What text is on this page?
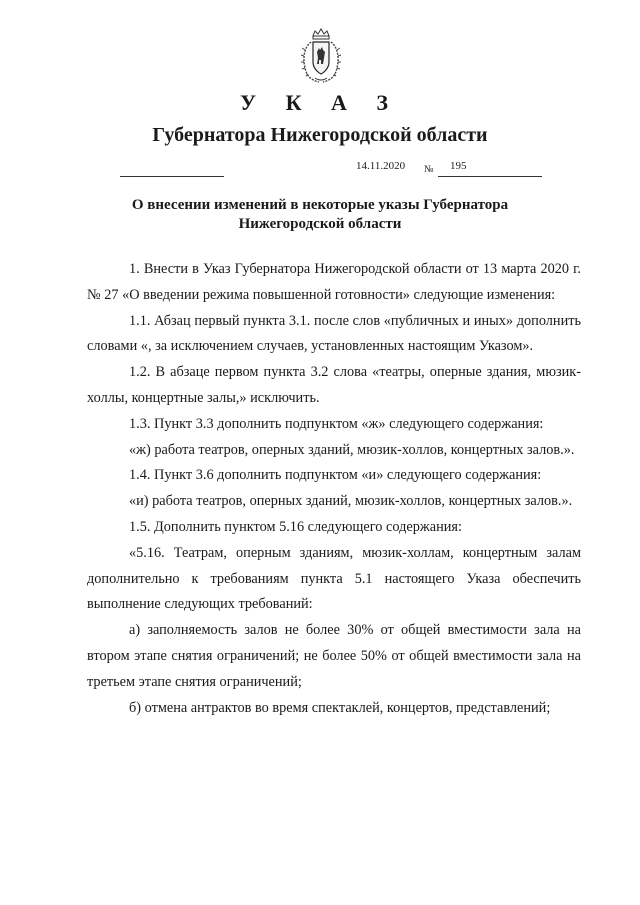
У К А З
Губернатора Нижегородской области
14.11.2020 № 195
О внесении изменений в некоторые указы Губернатора
Нижегородской области

1. Внести в Указ Губернатора Нижегородской области от 13 марта 2020 г. № 27 «О введении режима повышенной готовности» следующие изменения:

1.1. Абзац первый пункта 3.1. после слов «публичных и иных» дополнить словами «, за исключением случаев, установленных настоящим Указом».

1.2. В абзаце первом пункта 3.2 слова «театры, оперные здания, мюзик-холлы, концертные залы,» исключить.

1.3. Пункт 3.3 дополнить подпунктом «ж» следующего содержания:

«ж) работа театров, оперных зданий, мюзик-холлов, концертных залов.».

1.4. Пункт 3.6 дополнить подпунктом «и» следующего содержания:

«и) работа театров, оперных зданий, мюзик-холлов, концертных залов.».

1.5. Дополнить пунктом 5.16 следующего содержания:

«5.16. Театрам, оперным зданиям, мюзик-холлам, концертным залам дополнительно к требованиям пункта 5.1 настоящего Указа обеспечить выполнение следующих требований:

а) заполняемость залов не более 30% от общей вместимости зала на втором этапе снятия ограничений; не более 50% от общей вместимости зала на третьем этапе снятия ограничений;

б) отмена антрактов во время спектаклей, концертов, представлений;
